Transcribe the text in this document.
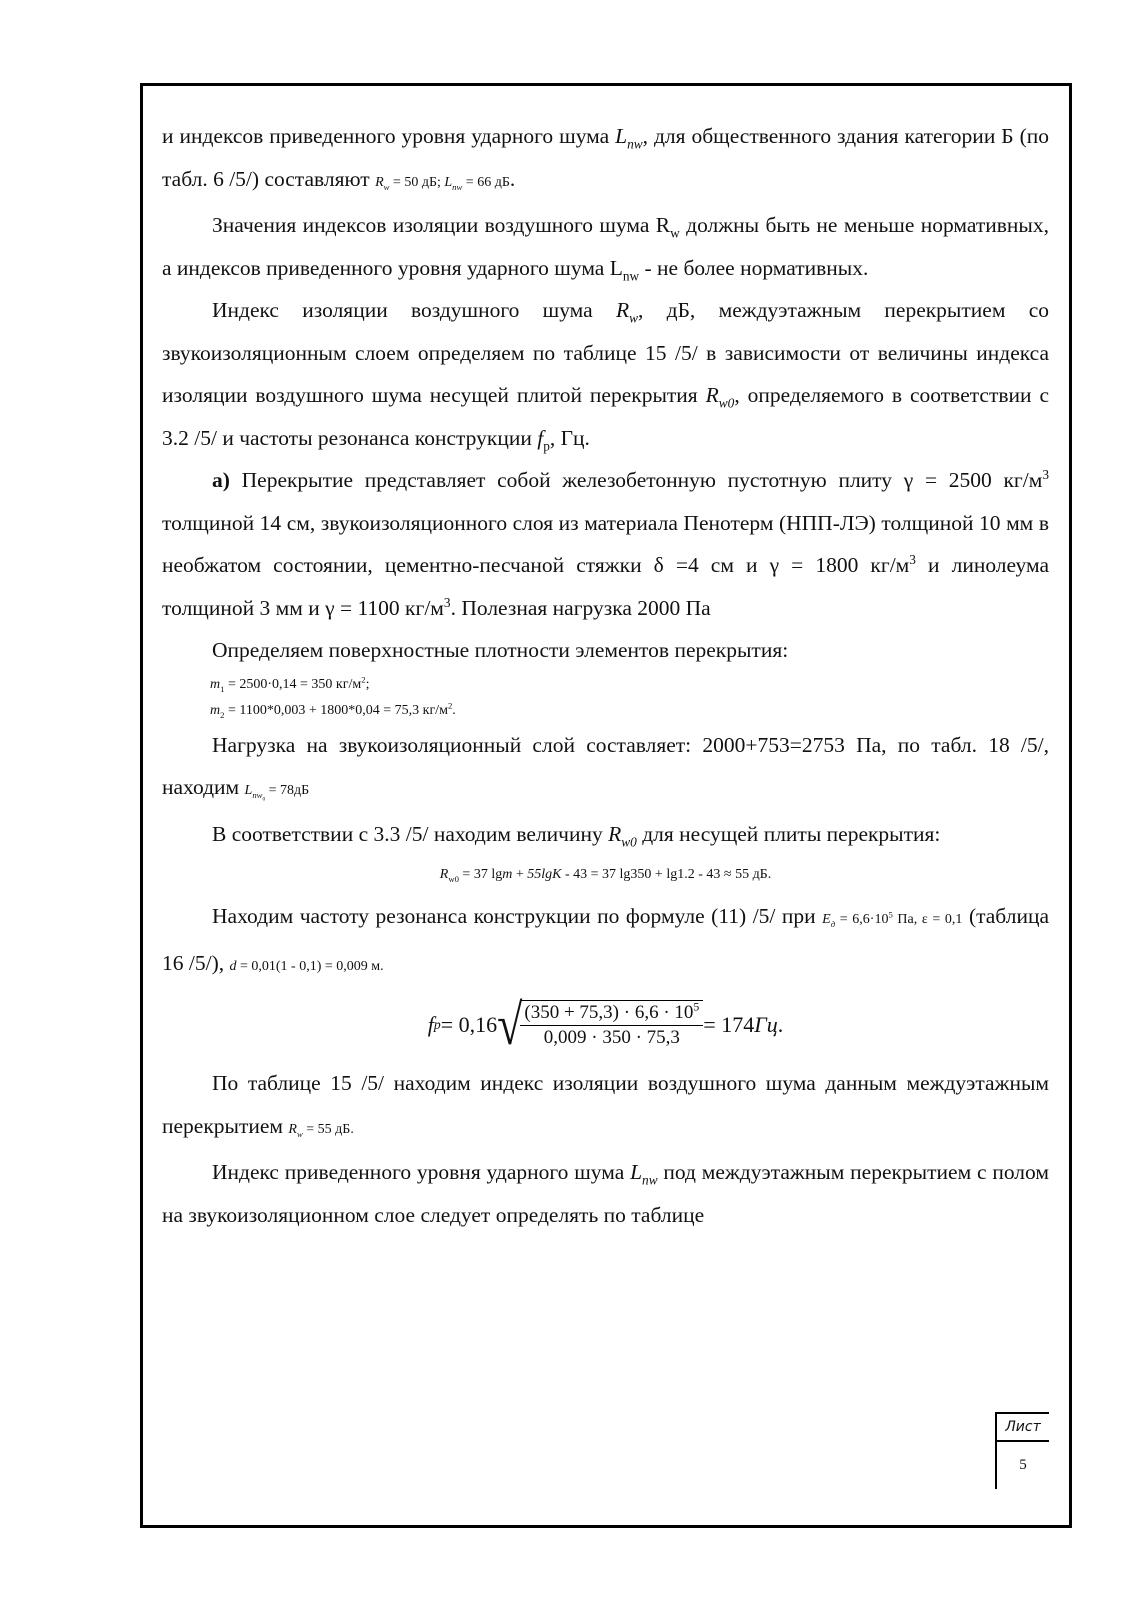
и индексов приведенного уровня ударного шума $L_{nw}$, для общественного здания категории Б (по табл. 6 /5/) составляют $R_w = 50$ дБ; $L_{nw} = 66$ дБ.

Значения индексов изоляции воздушного шума $R_w$ должны быть не меньше нормативных, а индексов приведенного уровня ударного шума $L_{nw}$ - не более нормативных.

Индекс изоляции воздушного шума $R_w$, дБ, междуэтажным перекрытием со звукоизоляционным слоем определяем по таблице 15 /5/ в зависимости от величины индекса изоляции воздушного шума несущей плитой перекрытия $R_{w0}$, определяемого в соответствии с 3.2 /5/ и частоты резонанса конструкции $f_р$, Гц.

а) Перекрытие представляет собой железобетонную пустотную плиту γ = 2500 $кг/м^3$ толщиной 14 см, звукоизоляционного слоя из материала Пенотерм (НПП-ЛЭ) толщиной 10 мм в необжатом состоянии, цементно-песчаной стяжки δ =4 см и γ = 1800 $кг/м^3$ и линолеума толщиной 3 мм и γ = 1100 $кг/м^3$. Полезная нагрузка 2000 Па

Определяем поверхностные плотности элементов перекрытия:

$m_1 = 2500\cdot 0,14 = 350$ $кг/м^2$;

$m_2 = 1100*0,003 + 1800*0,04 = 75,3$ $кг/м^2$.

Нагрузка на звукоизоляционный слой составляет: 2000+753=2753 Па, по табл. 18 /5/, находим $L_{nw_0} = 78дБ$

В соответствии с 3.3 /5/ находим величину $R_{w0}$ для несущей плиты перекрытия:

$R_{w0} = 37$ lgm + 55lgK - 43 = 37 lg350 + lg1.2 - 43 ≈ 55 дБ.

Находим частоту резонанса конструкции по формуле (11) /5/ при $E_д = 6,6\cdot 10^5$ Па, ε = 0,1 (таблица 16 /5/), d = 0,01(1 - 0,1) = 0,009 м.

f p = 0,16 √
$\frac{(350 + 75,3) \cdot 6,6 \cdot 10^5}{0,009 \cdot 350 \cdot 75,3} = 174$ Гц .

По таблице 15 /5/ находим индекс изоляции воздушного шума данным междуэтажным перекрытием $R_w = 55$ дБ.

Индекс приведенного уровня ударного шума $L_{nw}$ под междуэтажным перекрытием с полом на звукоизоляционном слое следует определять по таблице

Лист
5
